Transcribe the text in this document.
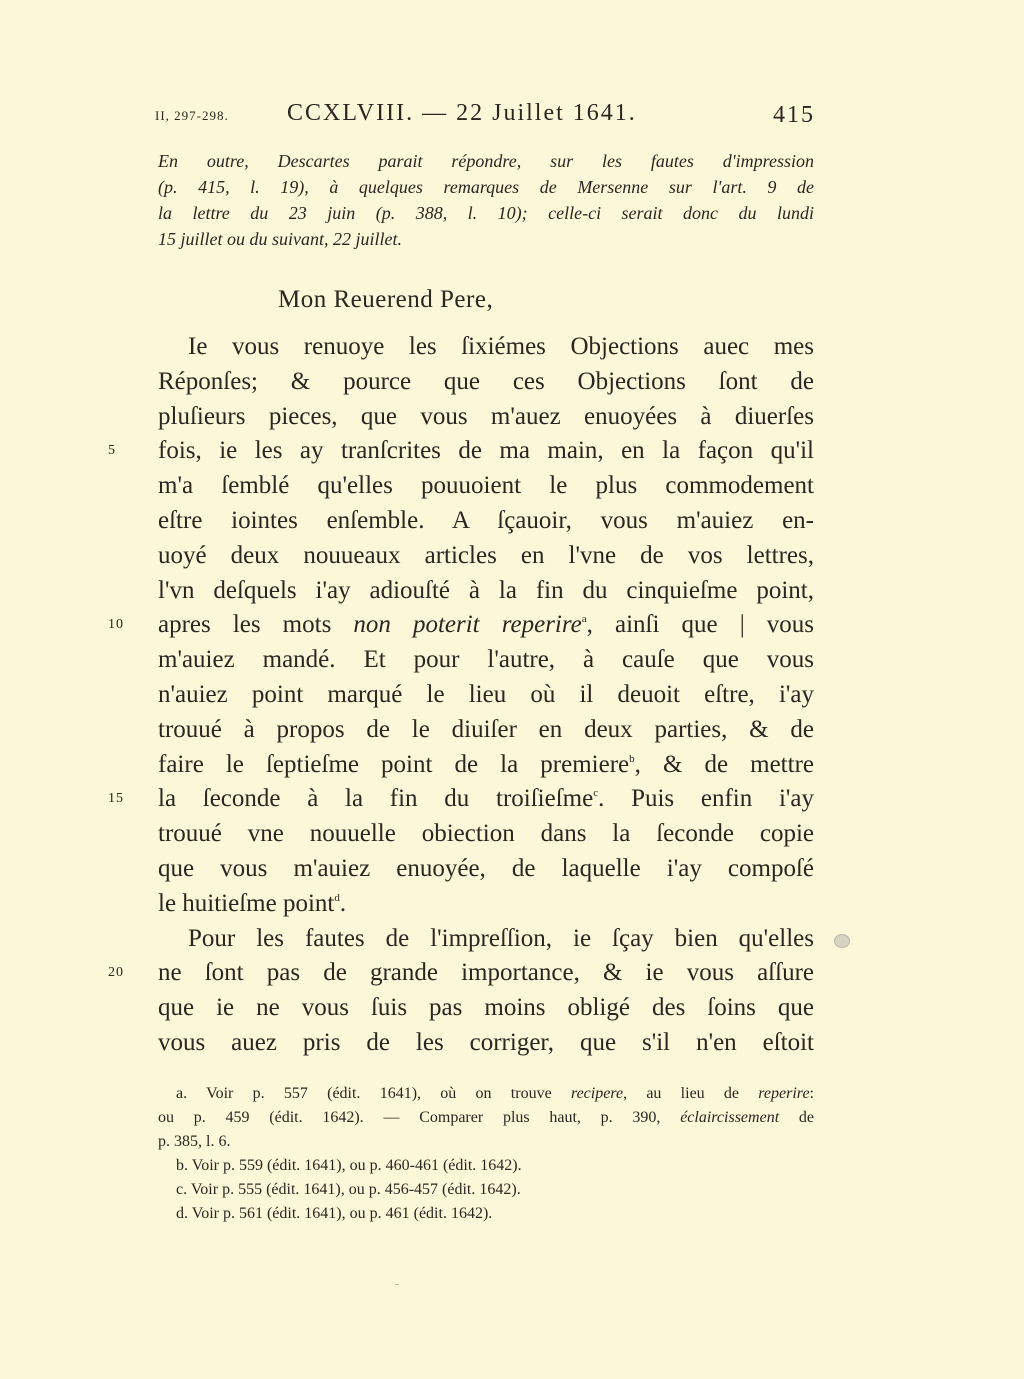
II, 297-298. CCXLVIII. — 22 Juillet 1641.	415
En outre, Descartes parait répondre, sur les fautes d'impression
(p. 415, l. 19), à quelques remarques de Mersenne sur l'art. 9 de
la lettre du 23 juin (p. 388, l. 10); celle-ci serait donc du lundi
15 juillet ou du suivant, 22 juillet.
Mon Reuerend Pere,
Ie vous renuoye les ſixiémes Objections auec mes
Réponſes; & pource que ces Objections ſont de
pluſieurs pieces, que vous m'auez enuoyées à diuerſes
5	fois, ie les ay tranſcrites de ma main, en la façon qu'il
m'a ſemblé qu'elles pouuoient le plus commodement
eſtre iointes enſemble. A ſçauoir, vous m'auiez en-
uoyé deux nouueaux articles en l'vne de vos lettres,
l'vn deſquels i'ay adiouſté à la fin du cinquieſme point,
10	apres les mots non poterit reperire$^a$, ainſi que | vous
m'auiez mandé. Et pour l'autre, à cauſe que vous
n'auiez point marqué le lieu où il deuoit eſtre, i'ay
trouué à propos de le diuiſer en deux parties, & de
faire le ſeptieſme point de la premiere$^b$, & de mettre
15	la ſeconde à la fin du troiſieſme$^c$. Puis enfin i'ay
trouué vne nouuelle obiection dans la ſeconde copie
que vous m'auiez enuoyée, de laquelle i'ay compoſé
le huitieſme point$^d$.
Pour les fautes de l'impreſſion, ie ſçay bien qu'elles
20	ne ſont pas de grande importance, & ie vous aſſure
que ie ne vous ſuis pas moins obligé des ſoins que
vous auez pris de les corriger, que s'il n'en eſtoit
a. Voir p. 557 (édit. 1641), où on trouve recipere, au lieu de reperire:
ou p. 459 (édit. 1642). — Comparer plus haut, p. 390, éclaircissement de
p. 385, l. 6.
b. Voir p. 559 (édit. 1641), ou p. 460-461 (édit. 1642).
c. Voir p. 555 (édit. 1641), ou p. 456-457 (édit. 1642).
d. Voir p. 561 (édit. 1641), ou p. 461 (édit. 1642).
